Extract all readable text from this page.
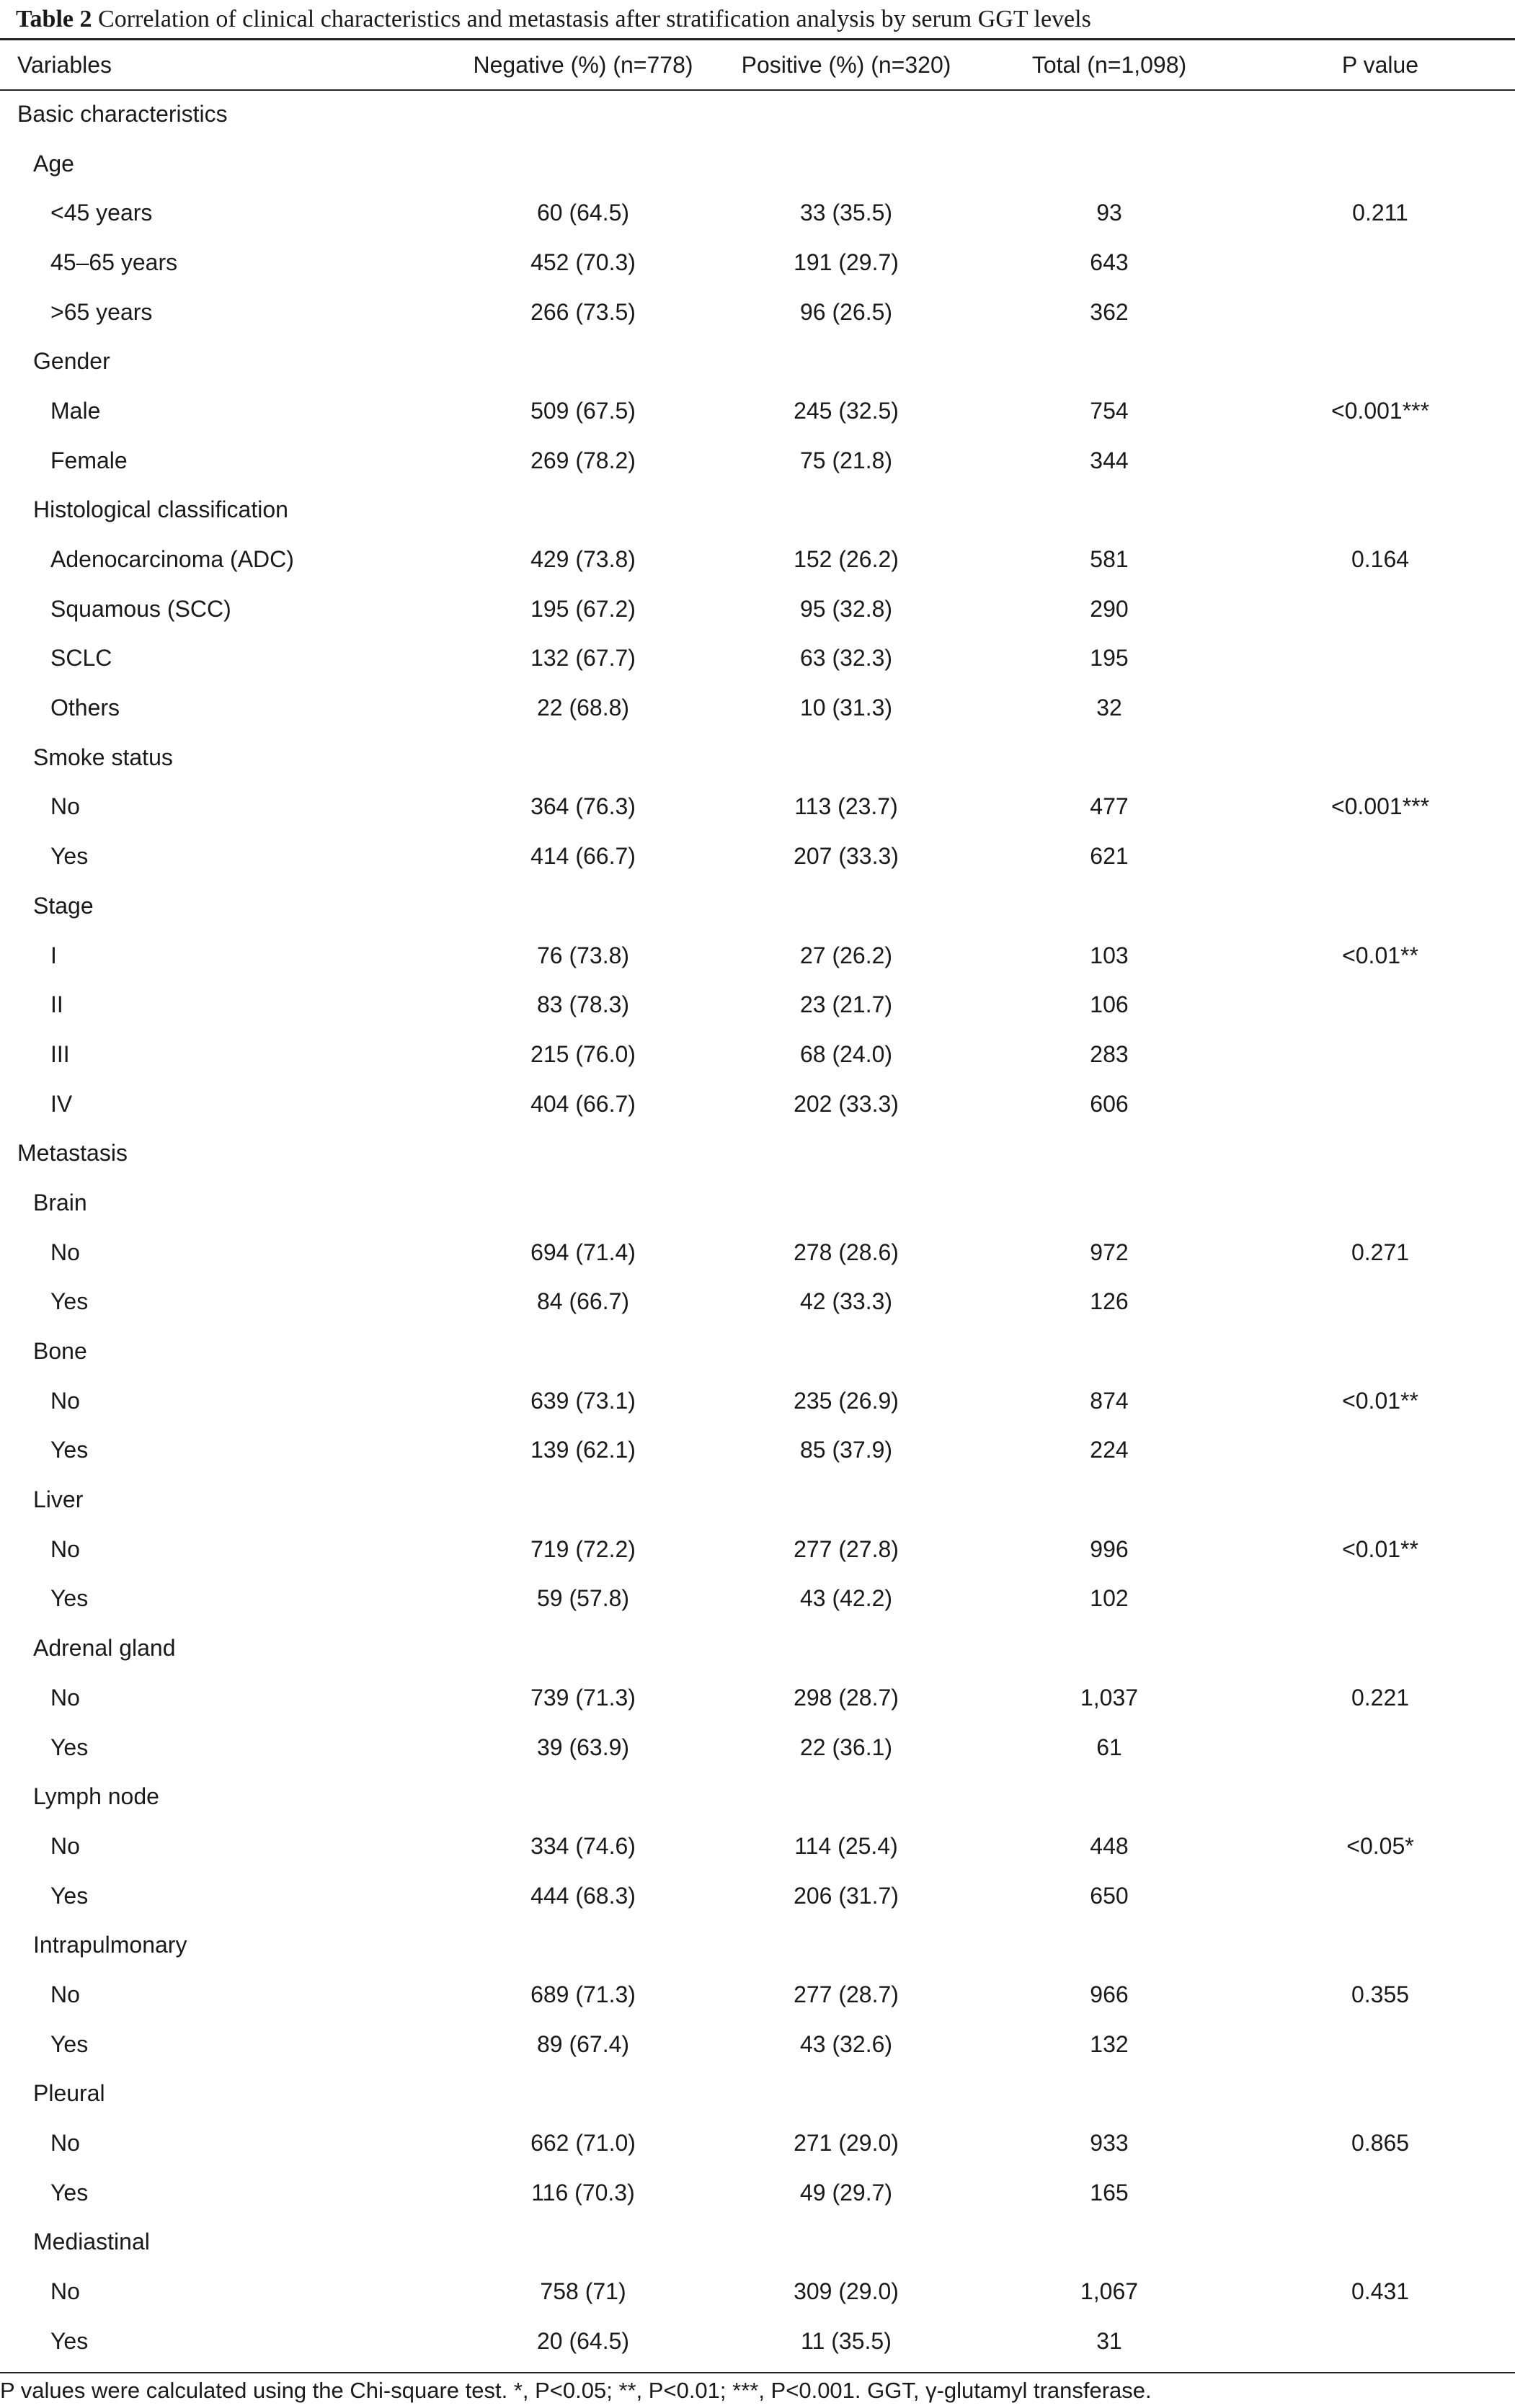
Table 2 Correlation of clinical characteristics and metastasis after stratification analysis by serum GGT levels
Variables	Negative (%) (n=778)	Positive (%) (n=320)	Total (n=1,098)	P value
Basic characteristics				
Age				
<45 years	60 (64.5)	33 (35.5)	93	0.211
45–65 years	452 (70.3)	191 (29.7)	643	
>65 years	266 (73.5)	96 (26.5)	362	
Gender				
Male	509 (67.5)	245 (32.5)	754	<0.001***
Female	269 (78.2)	75 (21.8)	344	
Histological classification				
Adenocarcinoma (ADC)	429 (73.8)	152 (26.2)	581	0.164
Squamous (SCC)	195 (67.2)	95 (32.8)	290	
SCLC	132 (67.7)	63 (32.3)	195	
Others	22 (68.8)	10 (31.3)	32	
Smoke status				
No	364 (76.3)	113 (23.7)	477	<0.001***
Yes	414 (66.7)	207 (33.3)	621	
Stage				
I	76 (73.8)	27 (26.2)	103	<0.01**
II	83 (78.3)	23 (21.7)	106	
III	215 (76.0)	68 (24.0)	283	
IV	404 (66.7)	202 (33.3)	606	
Metastasis				
Brain				
No	694 (71.4)	278 (28.6)	972	0.271
Yes	84 (66.7)	42 (33.3)	126	
Bone				
No	639 (73.1)	235 (26.9)	874	<0.01**
Yes	139 (62.1)	85 (37.9)	224	
Liver				
No	719 (72.2)	277 (27.8)	996	<0.01**
Yes	59 (57.8)	43 (42.2)	102	
Adrenal gland				
No	739 (71.3)	298 (28.7)	1,037	0.221
Yes	39 (63.9)	22 (36.1)	61	
Lymph node				
No	334 (74.6)	114 (25.4)	448	<0.05*
Yes	444 (68.3)	206 (31.7)	650	
Intrapulmonary				
No	689 (71.3)	277 (28.7)	966	0.355
Yes	89 (67.4)	43 (32.6)	132	
Pleural				
No	662 (71.0)	271 (29.0)	933	0.865
Yes	116 (70.3)	49 (29.7)	165	
Mediastinal				
No	758 (71)	309 (29.0)	1,067	0.431
Yes	20 (64.5)	11 (35.5)	31	
P values were calculated using the Chi-square test. *, P<0.05; **, P<0.01; ***, P<0.001. GGT, γ-glutamyl transferase.
